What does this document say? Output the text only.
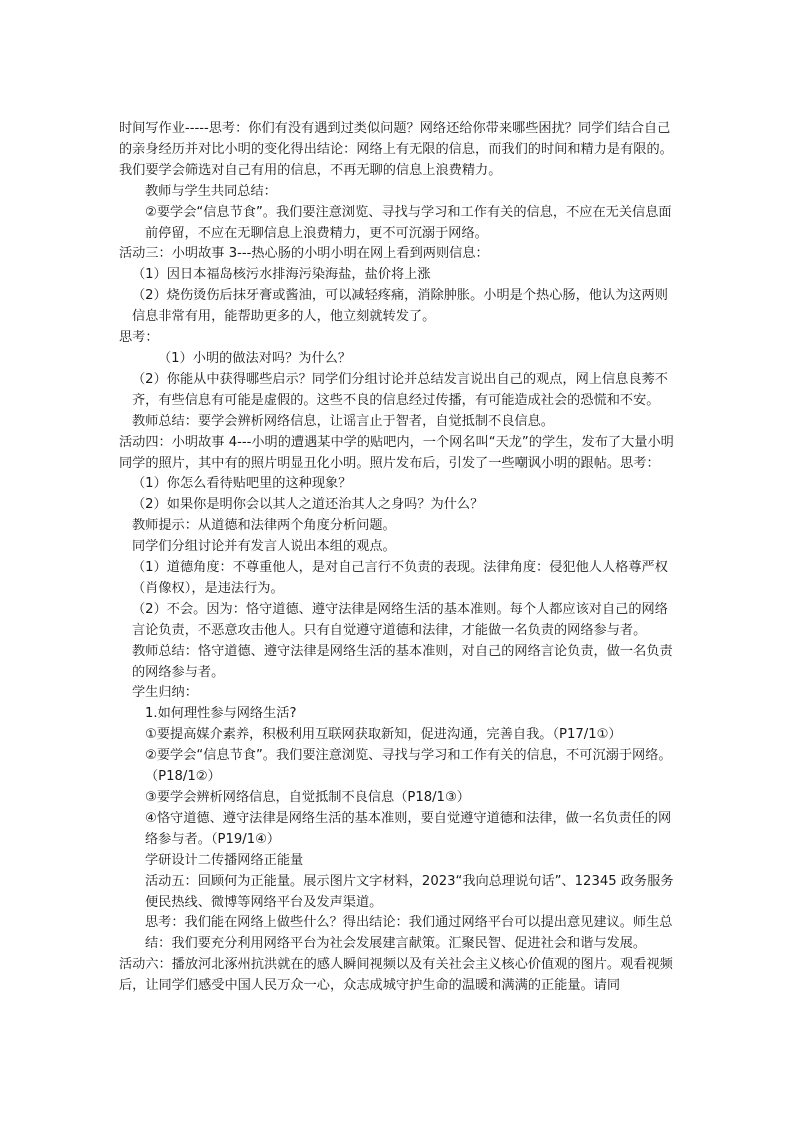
时间写作业-----思考：你们有没有遇到过类似问题？网络还给你带来哪些困扰？同学们结合自己的亲身经历并对比小明的变化得出结论：网络上有无限的信息，而我们的时间和精力是有限的。我们要学会筛选对自己有用的信息，不再无聊的信息上浪费精力。

教师与学生共同总结：

②要学会“信息节食”。我们要注意浏览、寻找与学习和工作有关的信息，不应在无关信息面前停留，不应在无聊信息上浪费精力，更不可沉溺于网络。

活动三：小明故事 3---热心肠的小明小明在网上看到两则信息：

（1）因日本福岛核污水排海污染海盐，盐价将上涨

（2）烧伤烫伤后抹牙膏或酱油，可以减轻疼痛，消除肿胀。小明是个热心肠，他认为这两则信息非常有用，能帮助更多的人，他立刻就转发了。

思考：

（1）小明的做法对吗？为什么？

（2）你能从中获得哪些启示？同学们分组讨论并总结发言说出自己的观点，网上信息良莠不齐，有些信息有可能是虚假的。这些不良的信息经过传播，有可能造成社会的恐慌和不安。

教师总结：要学会辨析网络信息，让谣言止于智者，自觉抵制不良信息。

活动四：小明故事 4---小明的遭遇某中学的贴吧内，一个网名叫“天龙”的学生，发布了大量小明同学的照片，其中有的照片明显丑化小明。照片发布后，引发了一些嘲讽小明的跟帖。思考：

（1）你怎么看待贴吧里的这种现象？

（2）如果你是明你会以其人之道还治其人之身吗？为什么？

教师提示：从道德和法律两个角度分析问题。

同学们分组讨论并有发言人说出本组的观点。

（1）道德角度：不尊重他人，是对自己言行不负责的表现。法律角度：侵犯他人人格尊严权（肖像权），是违法行为。

（2）不会。因为：恪守道德、遵守法律是网络生活的基本准则。每个人都应该对自己的网络言论负责，不恶意攻击他人。只有自觉遵守道德和法律，才能做一名负责的网络参与者。

教师总结：恪守道德、遵守法律是网络生活的基本准则，对自己的网络言论负责，做一名负责的网络参与者。

学生归纳：

1.如何理性参与网络生活?

①要提高媒介素养，积极利用互联网获取新知，促进沟通，完善自我。（P17/1①）

②要学会“信息节食”。我们要注意浏览、寻找与学习和工作有关的信息，不可沉溺于网络。（P18/1②）

③要学会辨析网络信息，自觉抵制不良信息（P18/1③）

④恪守道德、遵守法律是网络生活的基本准则，要自觉遵守道德和法律，做一名负责任的网络参与者。（P19/1④）

学研设计二传播网络正能量

活动五：回顾何为正能量。展示图片文字材料，2023“我向总理说句话”、12345 政务服务便民热线、微博等网络平台及发声渠道。

思考：我们能在网络上做些什么？得出结论：我们通过网络平台可以提出意见建议。师生总结：我们要充分利用网络平台为社会发展建言献策。汇聚民智、促进社会和谐与发展。

活动六：播放河北涿州抗洪就在的感人瞬间视频以及有关社会主义核心价值观的图片。观看视频后，让同学们感受中国人民万众一心，众志成城守护生命的温暖和满满的正能量。请同
